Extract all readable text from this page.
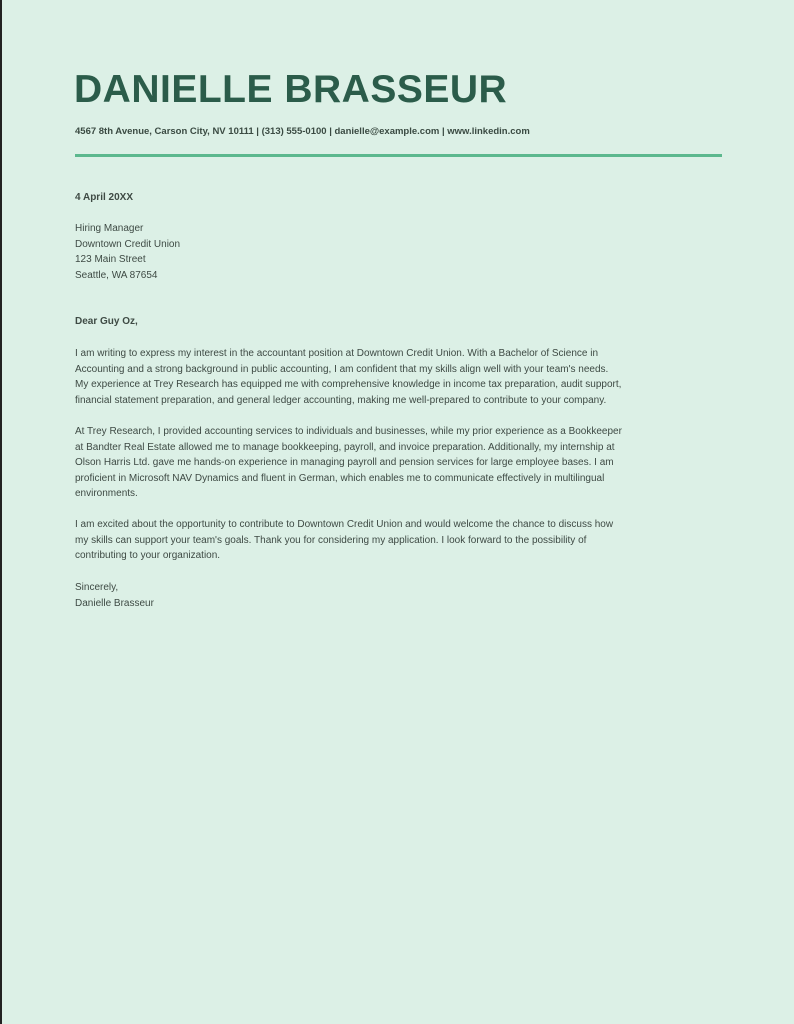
DANIELLE BRASSEUR
4567 8th Avenue, Carson City, NV 10111 | (313) 555-0100 | danielle@example.com | www.linkedin.com
4 April 20XX
Hiring Manager
Downtown Credit Union
123 Main Street
Seattle, WA 87654
Dear Guy Oz,
I am writing to express my interest in the accountant position at Downtown Credit Union. With a Bachelor of Science in
Accounting and a strong background in public accounting, I am confident that my skills align well with your team's needs.
My experience at Trey Research has equipped me with comprehensive knowledge in income tax preparation, audit support,
financial statement preparation, and general ledger accounting, making me well-prepared to contribute to your company.
At Trey Research, I provided accounting services to individuals and businesses, while my prior experience as a Bookkeeper
at Bandter Real Estate allowed me to manage bookkeeping, payroll, and invoice preparation. Additionally, my internship at
Olson Harris Ltd. gave me hands-on experience in managing payroll and pension services for large employee bases. I am
proficient in Microsoft NAV Dynamics and fluent in German, which enables me to communicate effectively in multilingual
environments.
I am excited about the opportunity to contribute to Downtown Credit Union and would welcome the chance to discuss how
my skills can support your team's goals. Thank you for considering my application. I look forward to the possibility of
contributing to your organization.
Sincerely,
Danielle Brasseur
